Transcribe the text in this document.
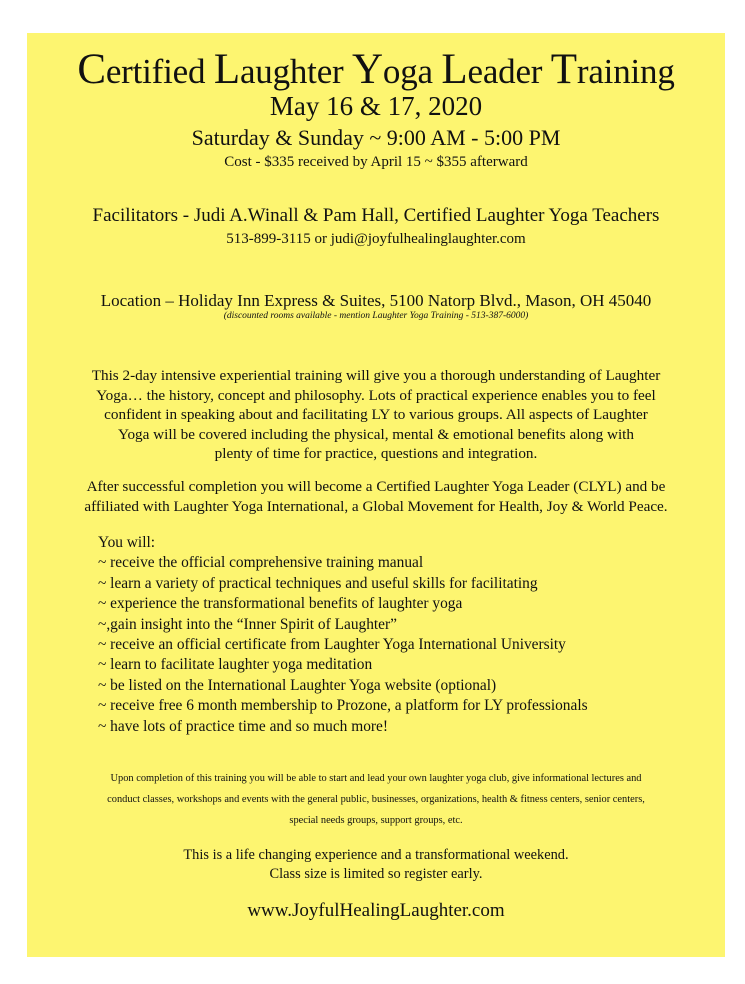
Certified Laughter Yoga Leader Training
May 16 & 17, 2020
Saturday & Sunday ~ 9:00 AM - 5:00 PM
Cost - $335 received by April 15 ~ $355 afterward
Facilitators - Judi A.Winall & Pam Hall, Certified Laughter Yoga Teachers
513-899-3115 or judi@joyfulhealinglaughter.com
Location – Holiday Inn Express & Suites, 5100 Natorp Blvd., Mason, OH 45040
(discounted rooms available - mention Laughter Yoga Training - 513-387-6000)
This 2-day intensive experiential training will give you a thorough understanding of Laughter
Yoga… the history, concept and philosophy. Lots of practical experience enables you to feel
confident in speaking about and facilitating LY to various groups. All aspects of Laughter
Yoga will be covered including the physical, mental & emotional benefits along with
plenty of time for practice, questions and integration.
After successful completion you will become a Certified Laughter Yoga Leader (CLYL) and be
affiliated with Laughter Yoga International, a Global Movement for Health, Joy & World Peace.
You will:
~ receive the official comprehensive training manual
~ learn a variety of practical techniques and useful skills for facilitating
~ experience the transformational benefits of laughter yoga
~,gain insight into the “Inner Spirit of Laughter”
~ receive an official certificate from Laughter Yoga International University
~ learn to facilitate laughter yoga meditation
~ be listed on the International Laughter Yoga website (optional)
~ receive free 6 month membership to Prozone, a platform for LY professionals
~ have lots of practice time and so much more!
Upon completion of this training you will be able to start and lead your own laughter yoga club, give informational lectures and
conduct classes, workshops and events with the general public, businesses, organizations, health & fitness centers, senior centers,
special needs groups, support groups, etc.
This is a life changing experience and a transformational weekend.
Class size is limited so register early.
www.JoyfulHealingLaughter.com
